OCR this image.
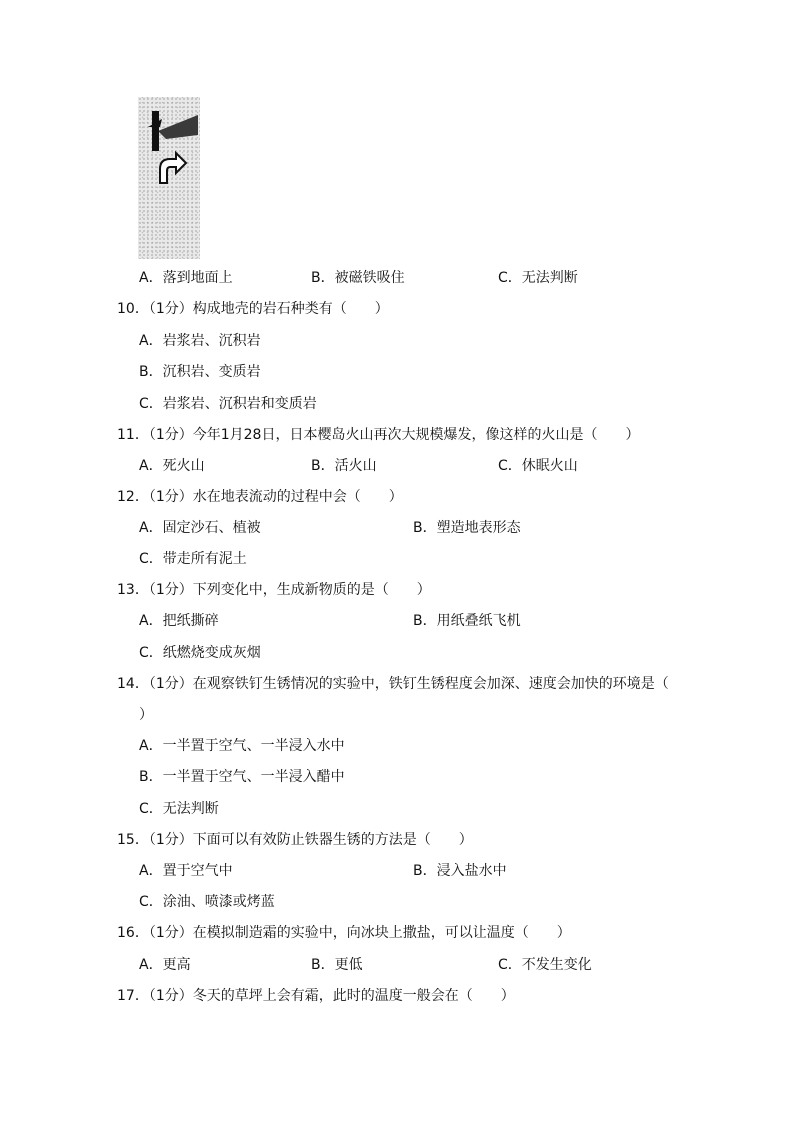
A．落到地面上	B．被磁铁吸住	C．无法判断
10．（1分）构成地壳的岩石种类有（　　）
A．岩浆岩、沉积岩
B．沉积岩、变质岩
C．岩浆岩、沉积岩和变质岩
11．（1分）今年1月28日，日本樱岛火山再次大规模爆发，像这样的火山是（　　）
A．死火山	B．活火山	C．休眠火山
12．（1分）水在地表流动的过程中会（　　）
A．固定沙石、植被	B．塑造地表形态
C．带走所有泥土
13．（1分）下列变化中，生成新物质的是（　　）
A．把纸撕碎	B．用纸叠纸飞机
C．纸燃烧变成灰烟
14．（1分）在观察铁钉生锈情况的实验中，铁钉生锈程度会加深、速度会加快的环境是（
）
A．一半置于空气、一半浸入水中
B．一半置于空气、一半浸入醋中
C．无法判断
15．（1分）下面可以有效防止铁器生锈的方法是（　　）
A．置于空气中	B．浸入盐水中
C．涂油、喷漆或烤蓝
16．（1分）在模拟制造霜的实验中，向冰块上撒盐，可以让温度（　　）
A．更高	B．更低	C．不发生变化
17．（1分）冬天的草坪上会有霜，此时的温度一般会在（　　）
